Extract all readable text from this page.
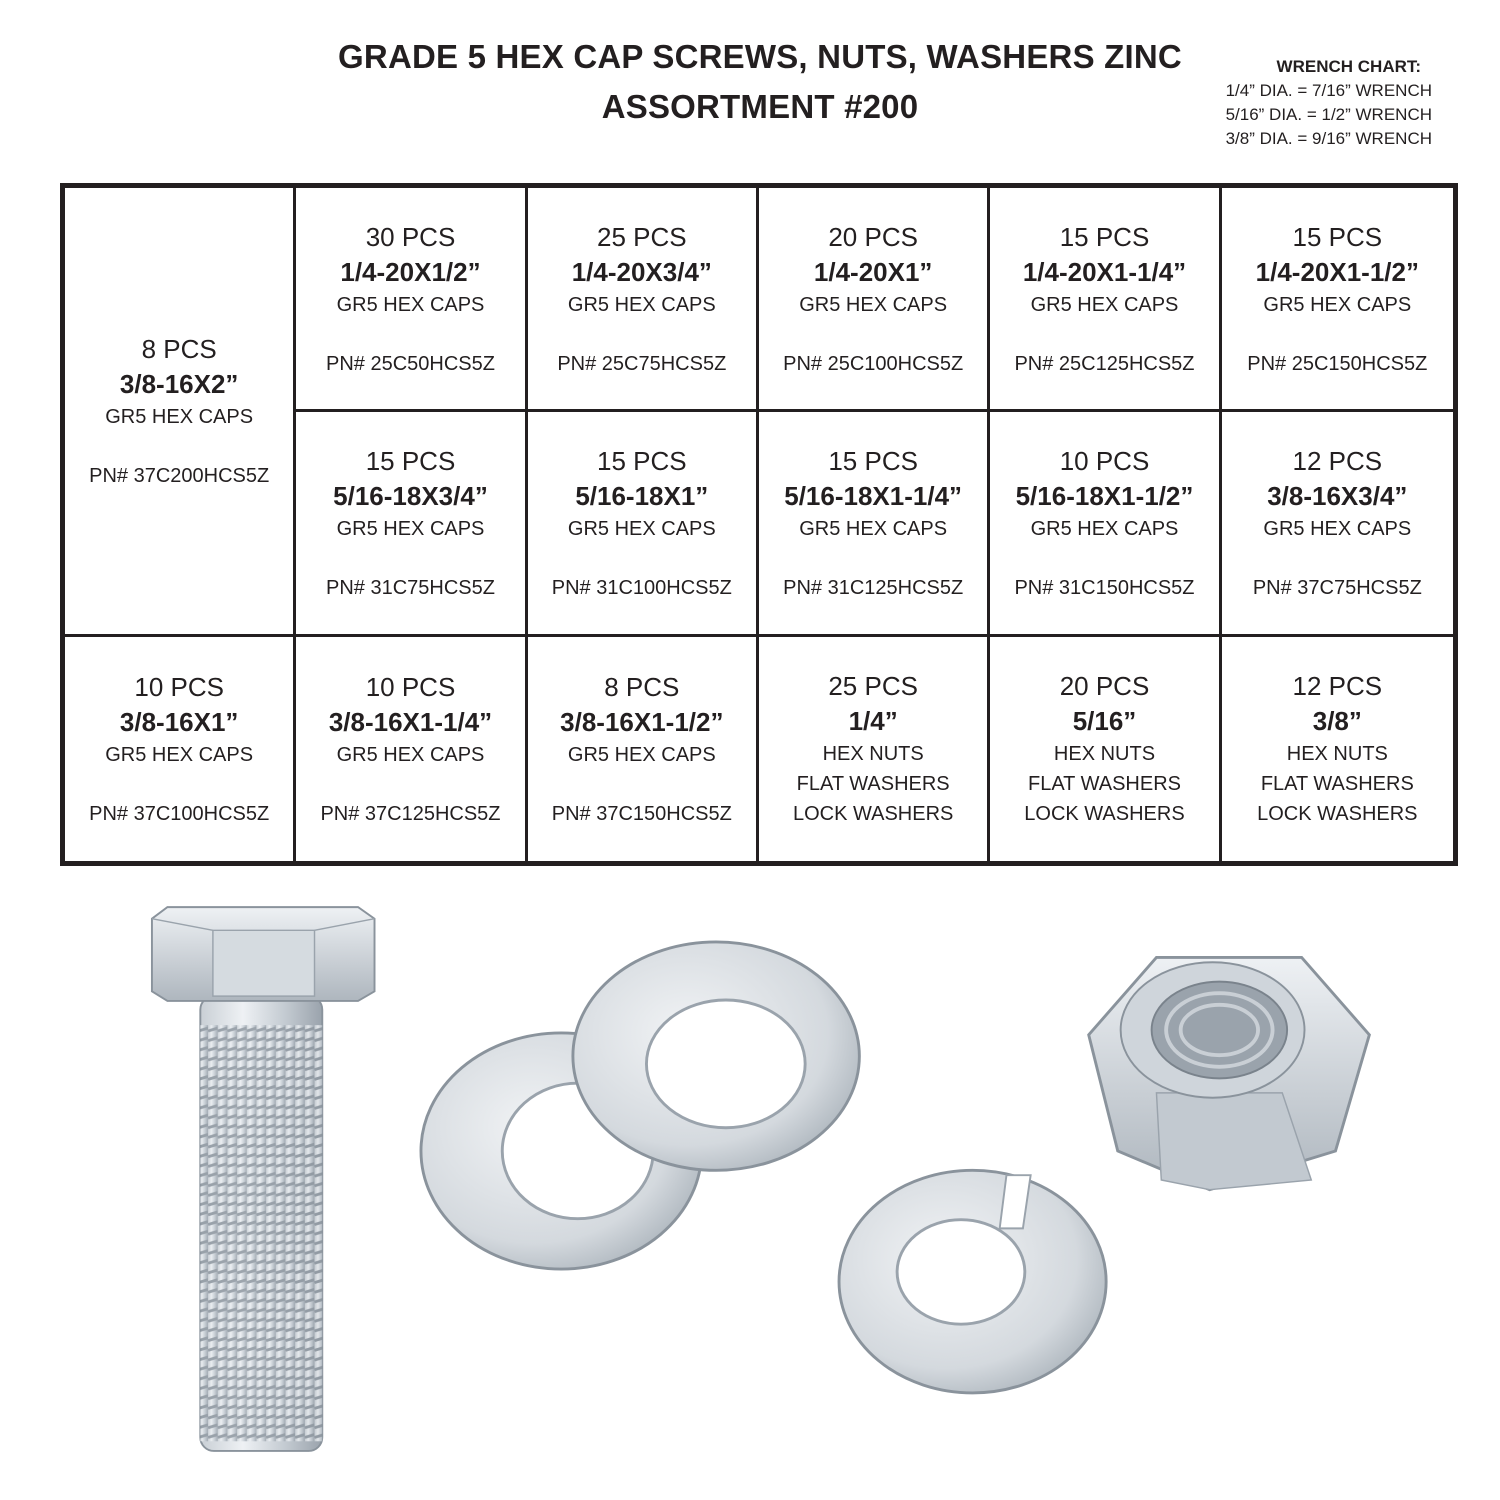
GRADE 5 HEX CAP SCREWS, NUTS, WASHERS ZINC
ASSORTMENT #200
WRENCH CHART:
1/4” DIA. = 7/16” WRENCH
5/16” DIA. = 1/2” WRENCH
3/8” DIA. = 9/16” WRENCH
8 PCS
3/8-16X2”
GR5 HEX CAPS
PN# 37C200HCS5Z
30 PCS
1/4-20X1/2”
GR5 HEX CAPS
PN# 25C50HCS5Z
25 PCS
1/4-20X3/4”
GR5 HEX CAPS
PN# 25C75HCS5Z
20 PCS
1/4-20X1”
GR5 HEX CAPS
PN# 25C100HCS5Z
15 PCS
1/4-20X1-1/4”
GR5 HEX CAPS
PN# 25C125HCS5Z
15 PCS
1/4-20X1-1/2”
GR5 HEX CAPS
PN# 25C150HCS5Z
15 PCS
5/16-18X3/4”
GR5 HEX CAPS
PN# 31C75HCS5Z
15 PCS
5/16-18X1”
GR5 HEX CAPS
PN# 31C100HCS5Z
15 PCS
5/16-18X1-1/4”
GR5 HEX CAPS
PN# 31C125HCS5Z
10 PCS
5/16-18X1-1/2”
GR5 HEX CAPS
PN# 31C150HCS5Z
12 PCS
3/8-16X3/4”
GR5 HEX CAPS
PN# 37C75HCS5Z
10 PCS
3/8-16X1”
GR5 HEX CAPS
PN# 37C100HCS5Z
10 PCS
3/8-16X1-1/4”
GR5 HEX CAPS
PN# 37C125HCS5Z
8 PCS
3/8-16X1-1/2”
GR5 HEX CAPS
PN# 37C150HCS5Z
25 PCS
1/4”
HEX NUTS
FLAT WASHERS
LOCK WASHERS
20 PCS
5/16”
HEX NUTS
FLAT WASHERS
LOCK WASHERS
12 PCS
3/8”
HEX NUTS
FLAT WASHERS
LOCK WASHERS
